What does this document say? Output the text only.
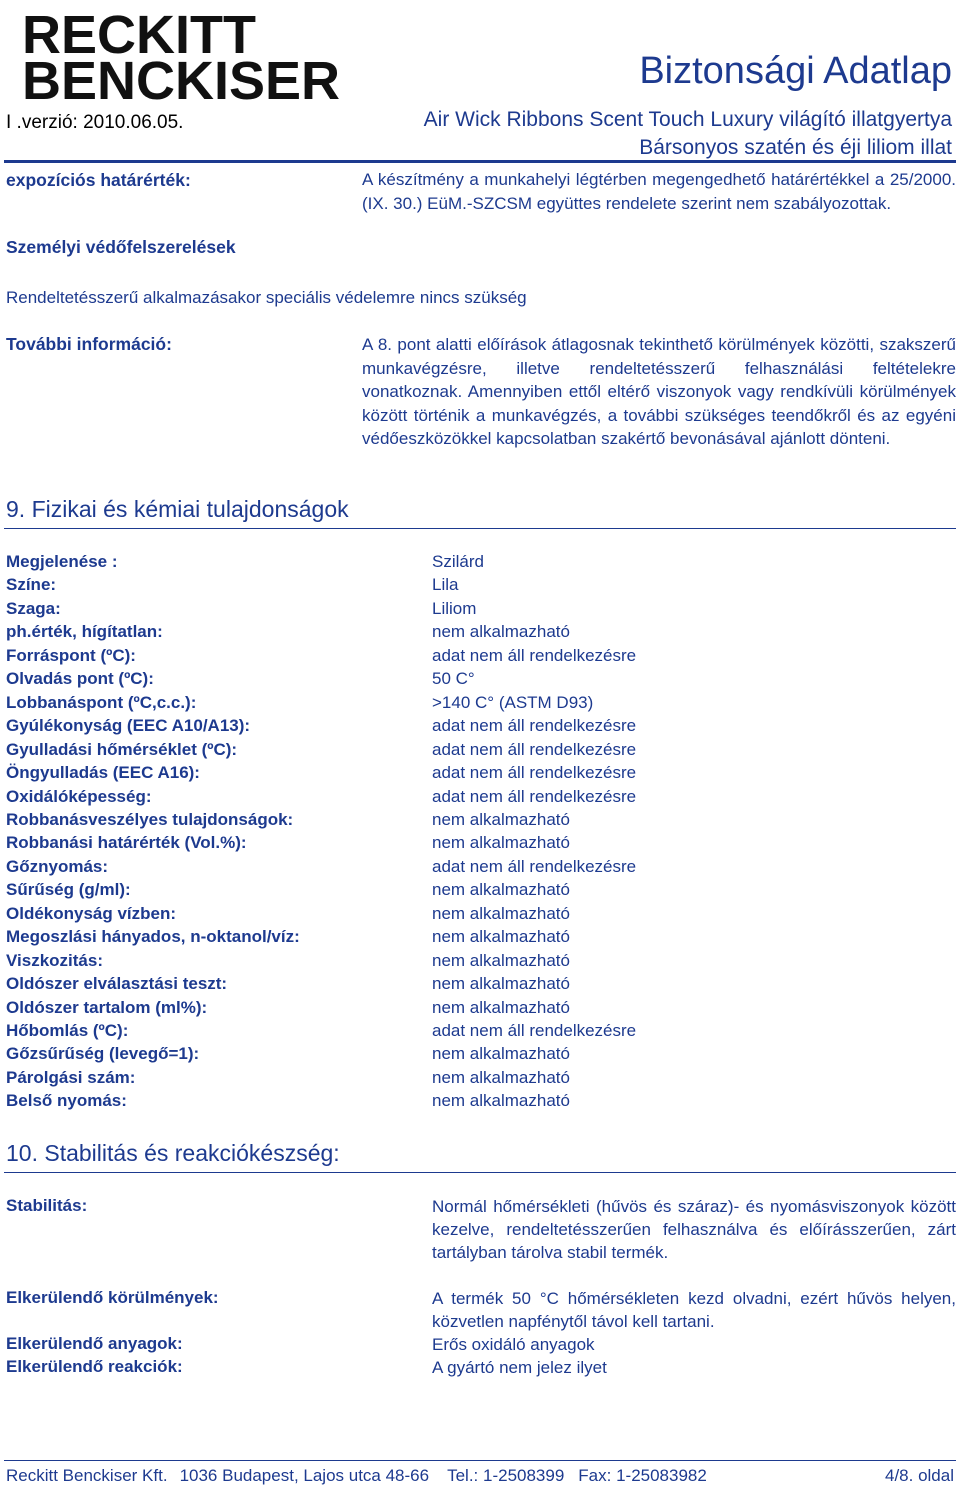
RECKITT
BENCKISER
I .verzió: 2010.06.05.
Biztonsági Adatlap
Air Wick Ribbons Scent Touch Luxury világító illatgyertya
Bársonyos szatén és éji liliom illat
expozíciós határérték:	A készítmény a munkahelyi légtérben megengedhető határértékkel a 25/2000. (IX. 30.) EüM.-SZCSM együttes rendelete szerint nem szabályozottak.
Személyi védőfelszerelések
Rendeltetésszerű alkalmazásakor speciális védelemre nincs szükség
További információ:	A 8. pont alatti előírások átlagosnak tekinthető körülmények közötti, szakszerű munkavégzésre, illetve rendeltetésszerű felhasználási feltételekre vonatkoznak. Amennyiben ettől eltérő viszonyok vagy rendkívüli körülmények között történik a munkavégzés, a további szükséges teendőkről és az egyéni védőeszközökkel kapcsolatban szakértő bevonásával ajánlott dönteni.
9. Fizikai és kémiai tulajdonságok
Megjelenése :	Szilárd
Színe:	Lila
Szaga:	Liliom
ph.érték, hígítatlan:	nem alkalmazható
Forráspont (ºC):	adat nem áll rendelkezésre
Olvadás pont (ºC):	50 C°
Lobbanáspont (ºC,c.c.):	>140 C° (ASTM D93)
Gyúlékonyság (EEC A10/A13):	adat nem áll rendelkezésre
Gyulladási hőmérséklet (ºC):	adat nem áll rendelkezésre
Öngyulladás (EEC A16):	adat nem áll rendelkezésre
Oxidálóképesség:	adat nem áll rendelkezésre
Robbanásveszélyes tulajdonságok:	nem alkalmazható
Robbanási határérték (Vol.%):	nem alkalmazható
Gőznyomás:	adat nem áll rendelkezésre
Sűrűség (g/ml):	nem alkalmazható
Oldékonyság vízben:	nem alkalmazható
Megoszlási hányados, n-oktanol/víz:	nem alkalmazható
Viszkozitás:	nem alkalmazható
Oldószer elválasztási teszt:	nem alkalmazható
Oldószer tartalom (ml%):	nem alkalmazható
Hőbomlás (ºC):	adat nem áll rendelkezésre
Gőzsűrűség (levegő=1):	nem alkalmazható
Párolgási szám:	nem alkalmazható
Belső nyomás:	nem alkalmazható
10. Stabilitás és reakciókészség:
Stabilitás:	Normál hőmérsékleti (hűvös és száraz)- és nyomásviszonyok között kezelve, rendeltetésszerűen felhasználva és előírásszerűen, zárt tartályban tárolva stabil termék.
Elkerülendő körülmények:	A termék 50 °C hőmérsékleten kezd olvadni, ezért hűvös helyen, közvetlen napfénytől távol kell tartani.
Elkerülendő anyagok:	Erős oxidáló anyagok
Elkerülendő reakciók:	A gyártó nem jelez ilyet
Reckitt Benckiser Kft. 1036 Budapest, Lajos utca 48-66 Tel.: 1-2508399 Fax: 1-25083982	4/8. oldal
